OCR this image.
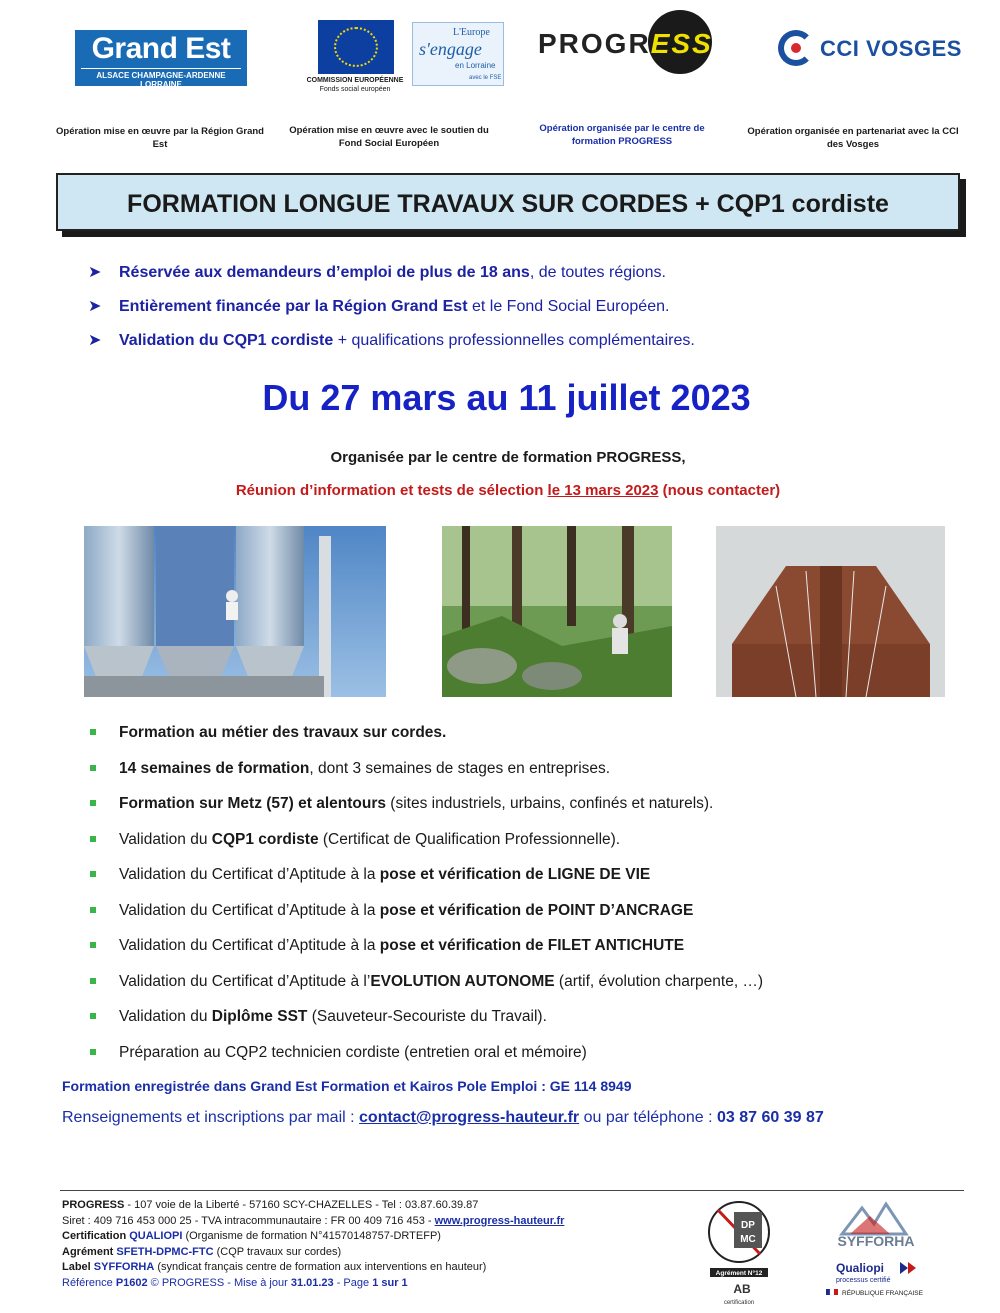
Grand Est
ALSACE CHAMPAGNE-ARDENNE LORRAINE	COMMISSION EUROPÉENNE
Fonds social européen
L'Europe
s'engage
en Lorraine
avec le FSE
PROGRESS	CCI VOSGES
Opération mise en œuvre par la Région Grand Est
Opération mise en œuvre avec le soutien du Fond Social Européen
Opération organisée par le centre de formation PROGRESS
Opération organisée en partenariat avec la CCI des Vosges
FORMATION LONGUE TRAVAUX SUR CORDES + CQP1 cordiste
➤ Réservée aux demandeurs d’emploi de plus de 18 ans, de toutes régions.
➤ Entièrement financée par la Région Grand Est et le Fond Social Européen.
➤ Validation du CQP1 cordiste + qualifications professionnelles complémentaires.
Du 27 mars au 11 juillet 2023
Organisée par le centre de formation PROGRESS,
Réunion d’information et tests de sélection le 13 mars 2023 (nous contacter)
Formation au métier des travaux sur cordes.
14 semaines de formation, dont 3 semaines de stages en entreprises.
Formation sur Metz (57) et alentours (sites industriels, urbains, confinés et naturels).
Validation du CQP1 cordiste (Certificat de Qualification Professionnelle).
Validation du Certificat d’Aptitude à la pose et vérification de LIGNE DE VIE
Validation du Certificat d’Aptitude à la pose et vérification de POINT D’ANCRAGE
Validation du Certificat d’Aptitude à la pose et vérification de FILET ANTICHUTE
Validation du Certificat d’Aptitude à l’EVOLUTION AUTONOME (artif, évolution charpente, …)
Validation du Diplôme SST (Sauveteur-Secouriste du Travail).
Préparation au CQP2 technicien cordiste (entretien oral et mémoire)
Formation enregistrée dans Grand Est Formation et Kairos Pole Emploi : GE 114 8949
Renseignements et inscriptions par mail : contact@progress-hauteur.fr ou par téléphone : 03 87 60 39 87
PROGRESS - 107 voie de la Liberté - 57160 SCY-CHAZELLES - Tel : 03.87.60.39.87
Siret : 409 716 453 000 25 - TVA intracommunautaire : FR 00 409 716 453 - www.progress-hauteur.fr
Certification QUALIOPI (Organisme de formation N°41570148757-DRTEFP)
Agrément SFETH-DPMC-FTC (CQP travaux sur cordes)
Label SYFFORHA (syndicat français centre de formation aux interventions en hauteur)
Référence P1602 © PROGRESS - Mise à jour 31.01.23 - Page 1 sur 1
DP
MC
Agrément N°12
AB
certification
SYFFORHA
Qualiopi
processus certifié
RÉPUBLIQUE FRANÇAISE
